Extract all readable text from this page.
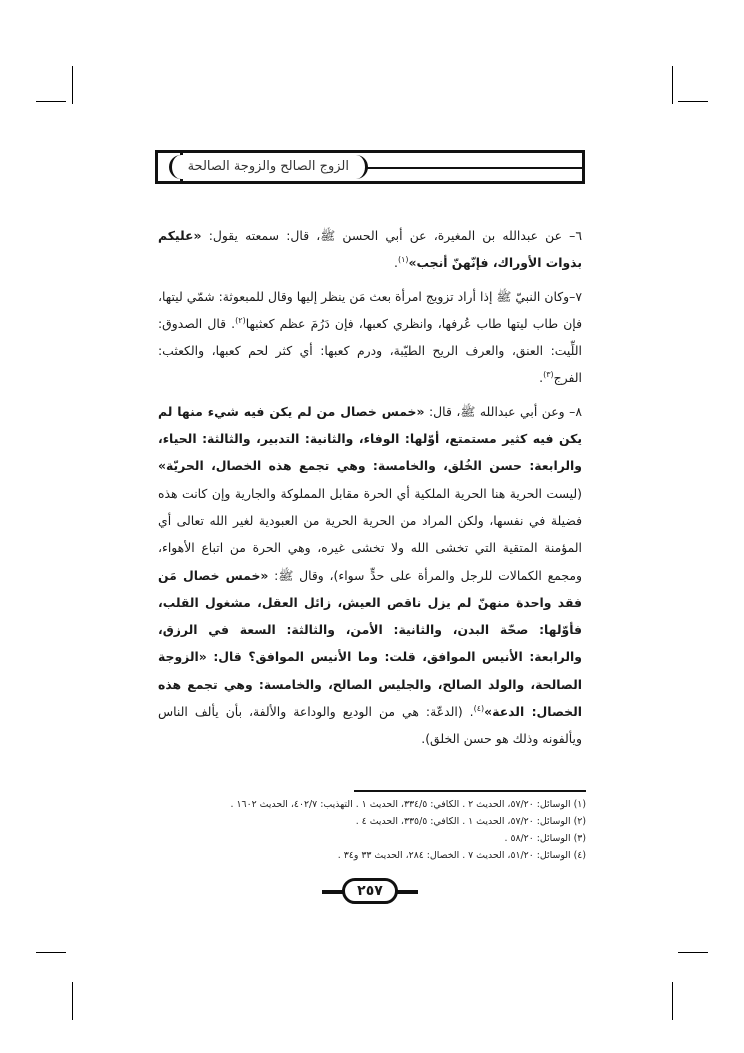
الزوج الصالح والزوجة الصالحة

٦– عن عبدالله بن المغيرة، عن أبي الحسن ﷺ، قال: سمعته يقول: «عليكم بذوات الأوراك، فإنّهنّ أنجب»$^{(١)}$.

٧–وكان النبيّ ﷺ إذا أراد تزويج امرأة بعث مَن ينظر إليها وقال للمبعوثة: شمّي ليتها، فإن طاب ليتها طاب عُرفها، وانظري كعبها، فإن دَرُمَ عظم كعثبها$^{(٢)}$. قال الصدوق: اللِّيت: العنق، والعرف الريح الطيّبة، ودرم كعبها: أي كثر لحم كعبها، والكعثب: الفرج$^{(٣)}$.

٨– وعن أبي عبدالله ﷺ، قال: «خمس خصال من لم يكن فيه شيء منها لم يكن فيه كثير مستمتع، أوّلها: الوفاء، والثانية: التدبير، والثالثة: الحياء، والرابعة: حسن الخُلق، والخامسة: وهي تجمع هذه الخصال، الحريّة» (ليست الحرية هنا الحرية الملكية أي الحرة مقابل المملوكة والجارية وإن كانت هذه فضيلة في نفسها، ولكن المراد من الحرية الحرية من العبودية لغير الله تعالى أي المؤمنة المتقية التي تخشى الله ولا تخشى غيره، وهي الحرة من اتباع الأهواء، ومجمع الكمالات للرجل والمرأة على حدٍّ سواء)، وقال ﷺ: «خمس خصال مَن فقد واحدة منهنّ لم يزل ناقص العيش، زائل العقل، مشغول القلب، فأوّلها: صحّة البدن، والثانية: الأمن، والثالثة: السعة في الرزق، والرابعة: الأنيس الموافق، قلت: وما الأنيس الموافق؟ قال: «الزوجة الصالحة، والولد الصالح، والجليس الصالح، والخامسة: وهي تجمع هذه الخصال: الدعة»$^{(٤)}$. (الدعّة: هي من الوديع والوداعة والألفة، بأن يألف الناس ويألفونه وذلك هو حسن الخلق).

(١) الوسائل: ٥٧/٢٠، الحديث ٢ . الكافي: ٣٣٤/٥، الحديث ١ . التهذيب: ٤٠٢/٧، الحديث ١٦٠٢ .
(٢) الوسائل: ٥٧/٢٠، الحديث ١ . الكافي: ٣٣٥/٥، الحديث ٤ .
(٣) الوسائل: ٥٨/٢٠ .
(٤) الوسائل: ٥١/٢٠، الحديث ٧ . الخصال: ٢٨٤، الحديث ٣٣ و٣٤ .
٢٥٧
